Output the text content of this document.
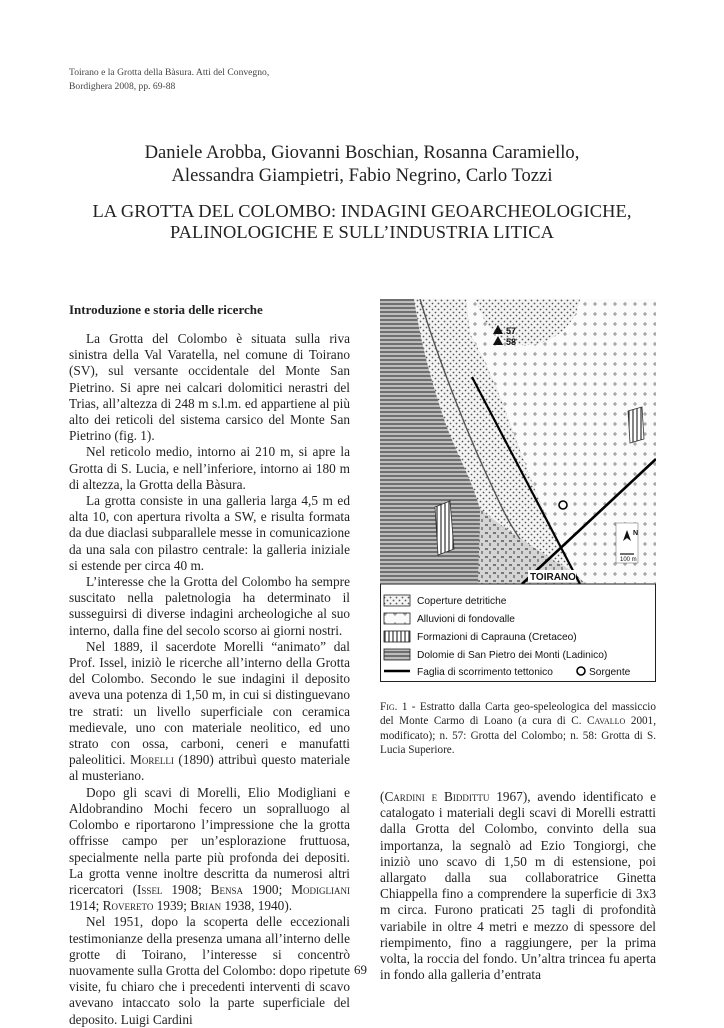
Toirano e la Grotta della Bàsura. Atti del Convegno,
Bordighera 2008, pp. 69-88
Daniele Arobba, Giovanni Boschian, Rosanna Caramiello,
Alessandra Giampietri, Fabio Negrino, Carlo Tozzi
LA GROTTA DEL COLOMBO: INDAGINI GEOARCHEOLOGICHE,
PALINOLOGICHE E SULL’INDUSTRIA LITICA
Introduzione e storia delle ricerche

La Grotta del Colombo è situata sulla riva sinistra della Val Varatella, nel comune di Toirano (SV), sul versante occidentale del Monte San Pietrino. Si apre nei calcari dolomitici nerastri del Trias, all’altezza di 248 m s.l.m. ed appartiene al più alto dei reticoli del sistema carsico del Monte San Pietrino (fig. 1).

Nel reticolo medio, intorno ai 210 m, si apre la Grotta di S. Lucia, e nell’inferiore, intorno ai 180 m di altezza, la Grotta della Bàsura.

La grotta consiste in una galleria larga 4,5 m ed alta 10, con apertura rivolta a SW, e risulta formata da due diaclasi subparallele messe in comunicazione da una sala con pilastro centrale: la galleria iniziale si estende per circa 40 m.

L’interesse che la Grotta del Colombo ha sempre suscitato nella paletnologia ha determinato il susseguirsi di diverse indagini archeologiche al suo interno, dalla fine del secolo scorso ai giorni nostri.

Nel 1889, il sacerdote Morelli “animato” dal Prof. Issel, iniziò le ricerche all’interno della Grotta del Colombo. Secondo le sue indagini il deposito aveva una potenza di 1,50 m, in cui si distinguevano tre strati: un livello superficiale con ceramica medievale, uno con materiale neolitico, ed uno strato con ossa, carboni, ceneri e manufatti paleolitici. Morelli (1890) attribuì questo materiale al musteriano.

Dopo gli scavi di Morelli, Elio Modigliani e Aldobrandino Mochi fecero un sopralluogo al Colombo e riportarono l’impressione che la grotta offrisse campo per un’esplorazione fruttuosa, specialmente nella parte più profonda dei depositi. La grotta venne inoltre descritta da numerosi altri ricercatori (Issel 1908; Bensa 1900; Modigliani 1914; Rovereto 1939; Brian 1938, 1940).

Nel 1951, dopo la scoperta delle eccezionali testimonianze della presenza umana all’interno delle grotte di Toirano, l’interesse si concentrò nuovamente sulla Grotta del Colombo: dopo ripetute visite, fu chiaro che i precedenti interventi di scavo avevano intaccato solo la parte superficiale del deposito. Luigi Cardini

57
58
N
100 m
TOIRANO
Coperture detritiche
Alluvioni di fondovalle
Formazioni di Capraunа (Cretaceo)
Dolomie di San Pietro dei Monti (Ladinico)
Faglia di scorrimento tettonico	Sorgente
Fig. 1 - Estratto dalla Carta geo-speleologica del massiccio del Monte Carmo di Loano (a cura di C. Cavallo 2001, modificato); n. 57: Grotta del Colombo; n. 58: Grotta di S. Lucia Superiore.

(Cardini e Biddittu 1967), avendo identificato e catalogato i materiali degli scavi di Morelli estratti dalla Grotta del Colombo, convinto della sua importanza, la segnalò ad Ezio Tongiorgi, che iniziò uno scavo di 1,50 m di estensione, poi allargato dalla sua collaboratrice Ginetta Chiappella fino a comprendere la superficie di 3x3 m circa. Furono praticati 25 tagli di profondità variabile in oltre 4 metri e mezzo di spessore del riempimento, fino a raggiungere, per la prima volta, la roccia del fondo. Un’altra trincea fu aperta in fondo alla galleria d’entrata

69
